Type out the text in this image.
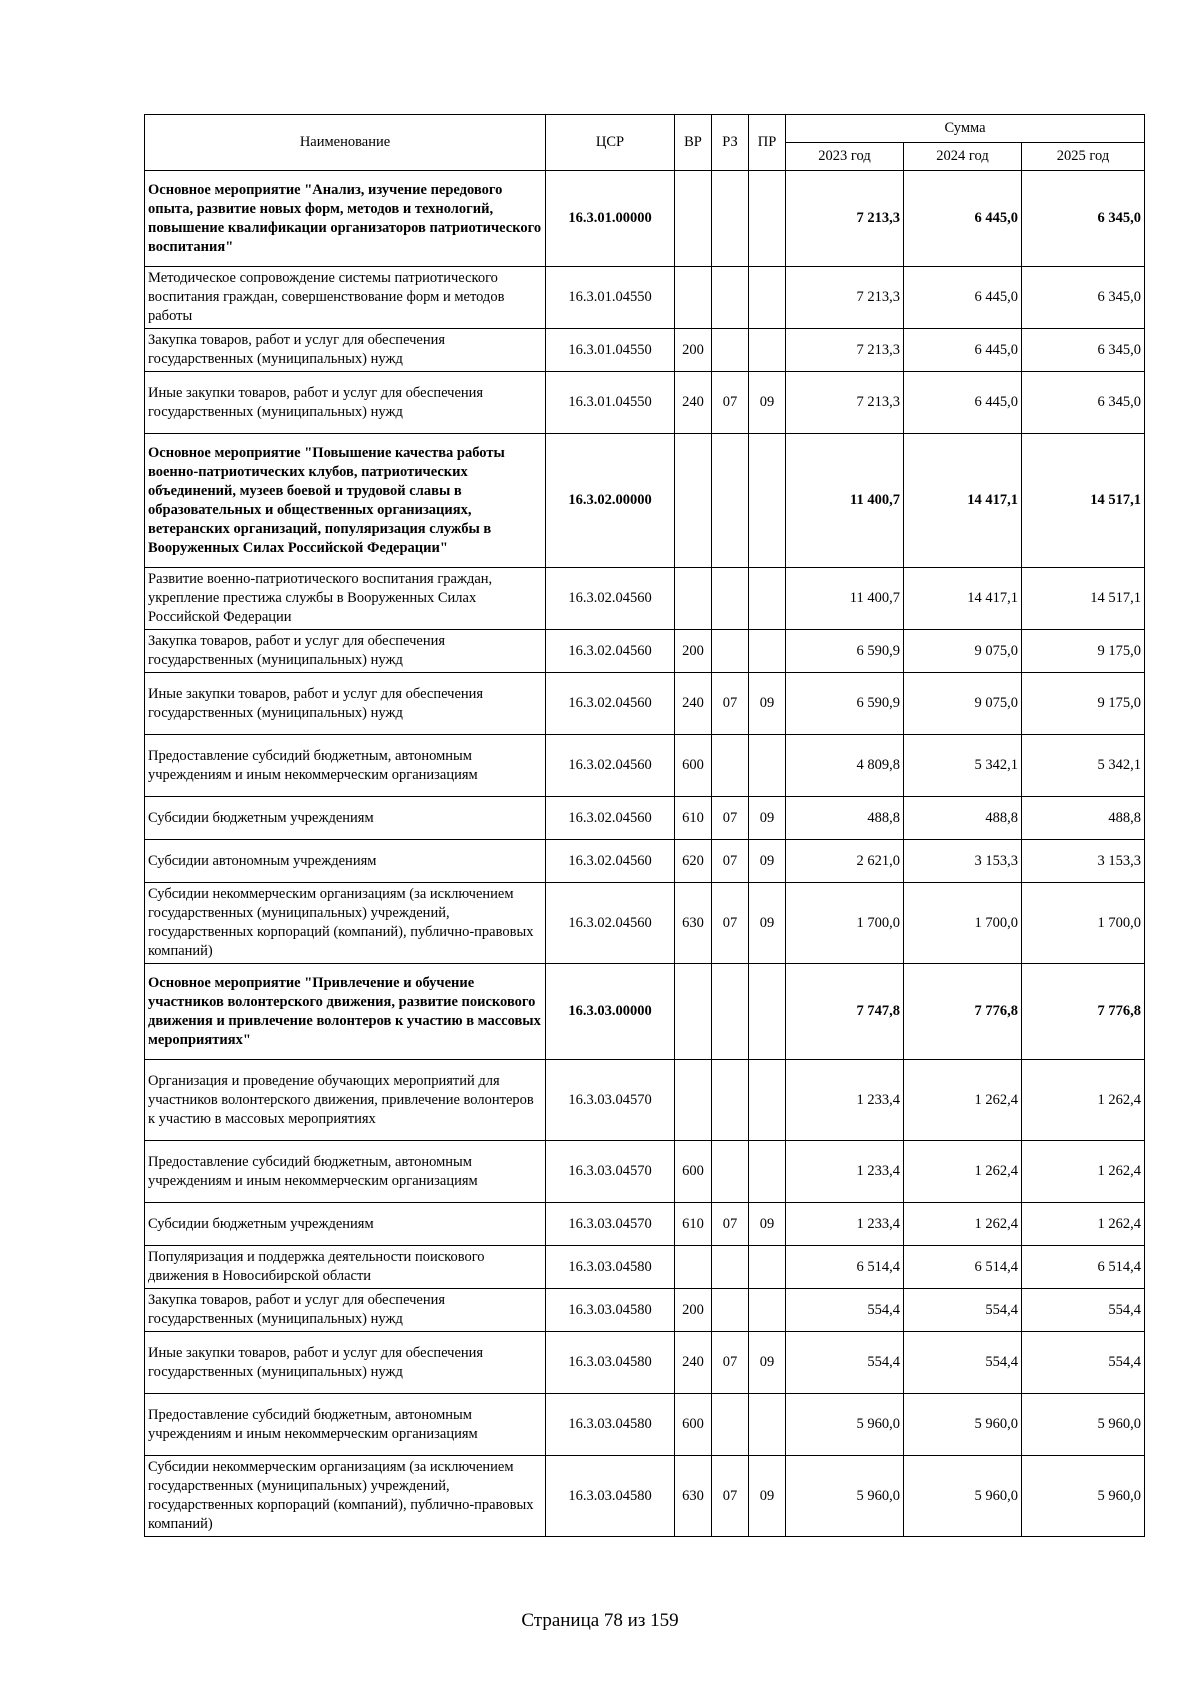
Наименование	ЦСР	ВР	РЗ	ПР	Сумма		
					2023 год	2024 год	2025 год
Основное мероприятие "Анализ, изучение передового опыта, развитие новых форм, методов и технологий, повышение квалификации организаторов патриотического воспитания"	16.3.01.00000				7 213,3	6 445,0	6 345,0
Методическое сопровождение системы патриотического воспитания граждан, совершенствование форм и методов работы	16.3.01.04550				7 213,3	6 445,0	6 345,0
Закупка товаров, работ и услуг для обеспечения государственных (муниципальных) нужд	16.3.01.04550	200			7 213,3	6 445,0	6 345,0
Иные закупки товаров, работ и услуг для обеспечения государственных (муниципальных) нужд	16.3.01.04550	240	07	09	7 213,3	6 445,0	6 345,0
Основное мероприятие "Повышение качества работы военно-патриотических клубов, патриотических объединений, музеев боевой и трудовой славы в образовательных и общественных организациях, ветеранских организаций, популяризация службы в Вооруженных Силах Российской Федерации"	16.3.02.00000				11 400,7	14 417,1	14 517,1
Развитие военно-патриотического воспитания граждан, укрепление престижа службы в Вооруженных Силах Российской Федерации	16.3.02.04560				11 400,7	14 417,1	14 517,1
Закупка товаров, работ и услуг для обеспечения государственных (муниципальных) нужд	16.3.02.04560	200			6 590,9	9 075,0	9 175,0
Иные закупки товаров, работ и услуг для обеспечения государственных (муниципальных) нужд	16.3.02.04560	240	07	09	6 590,9	9 075,0	9 175,0
Предоставление субсидий бюджетным, автономным учреждениям и иным некоммерческим организациям	16.3.02.04560	600			4 809,8	5 342,1	5 342,1
Субсидии бюджетным учреждениям	16.3.02.04560	610	07	09	488,8	488,8	488,8
Субсидии автономным учреждениям	16.3.02.04560	620	07	09	2 621,0	3 153,3	3 153,3
Субсидии некоммерческим организациям (за исключением государственных (муниципальных) учреждений, государственных корпораций (компаний), публично-правовых компаний)	16.3.02.04560	630	07	09	1 700,0	1 700,0	1 700,0
Основное мероприятие "Привлечение и обучение участников волонтерского движения, развитие поискового движения и привлечение волонтеров к участию в массовых мероприятиях"	16.3.03.00000				7 747,8	7 776,8	7 776,8
Организация и проведение обучающих мероприятий для участников волонтерского движения, привлечение волонтеров к участию в массовых мероприятиях	16.3.03.04570				1 233,4	1 262,4	1 262,4
Предоставление субсидий бюджетным, автономным учреждениям и иным некоммерческим организациям	16.3.03.04570	600			1 233,4	1 262,4	1 262,4
Субсидии бюджетным учреждениям	16.3.03.04570	610	07	09	1 233,4	1 262,4	1 262,4
Популяризация и поддержка деятельности поискового движения в Новосибирской области	16.3.03.04580				6 514,4	6 514,4	6 514,4
Закупка товаров, работ и услуг для обеспечения государственных (муниципальных) нужд	16.3.03.04580	200			554,4	554,4	554,4
Иные закупки товаров, работ и услуг для обеспечения государственных (муниципальных) нужд	16.3.03.04580	240	07	09	554,4	554,4	554,4
Предоставление субсидий бюджетным, автономным учреждениям и иным некоммерческим организациям	16.3.03.04580	600			5 960,0	5 960,0	5 960,0
Субсидии некоммерческим организациям (за исключением государственных (муниципальных) учреждений, государственных корпораций (компаний), публично-правовых компаний)	16.3.03.04580	630	07	09	5 960,0	5 960,0	5 960,0
Страница 78 из 159
